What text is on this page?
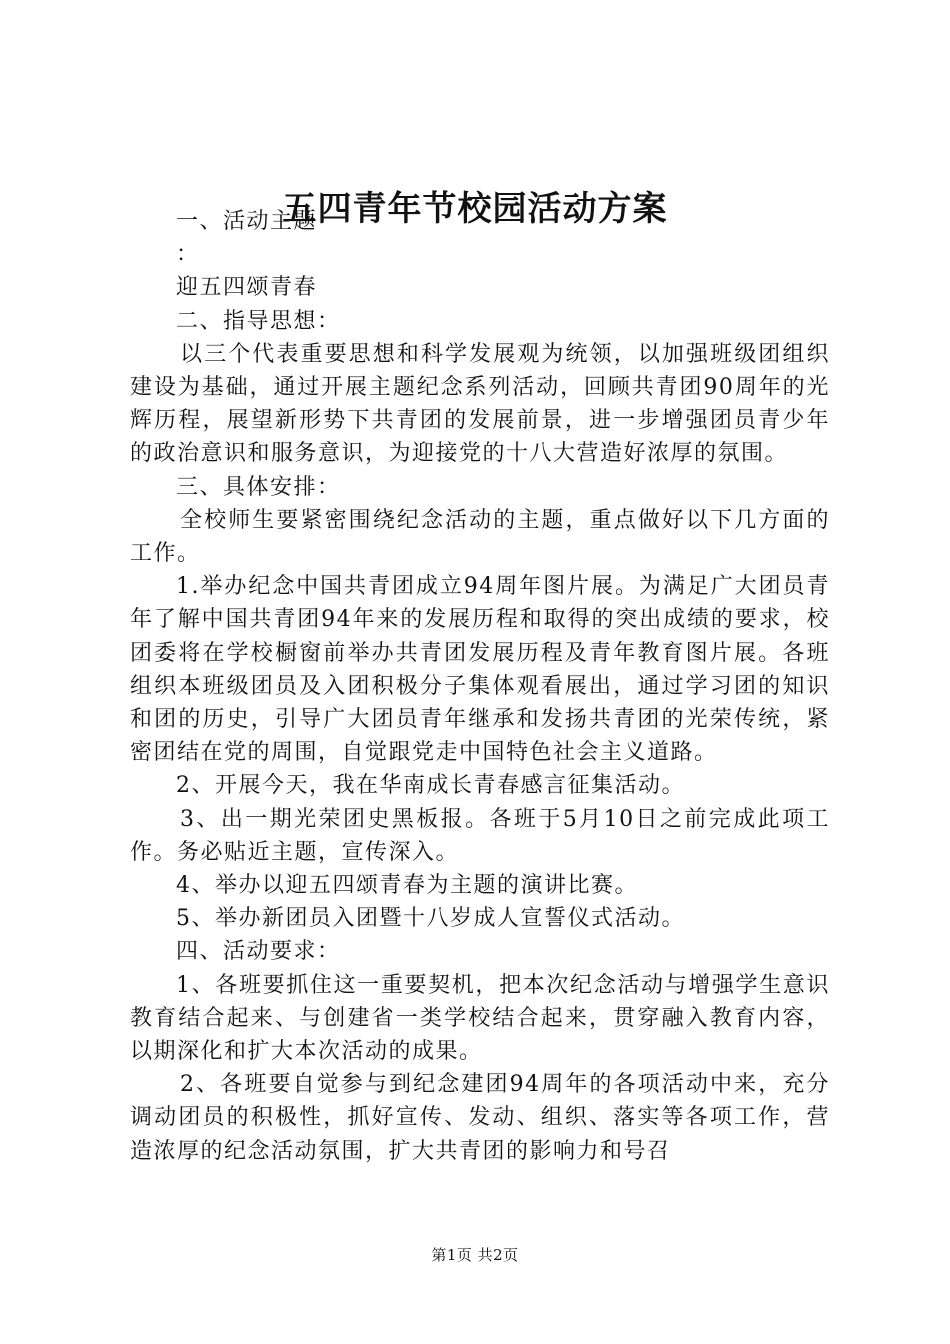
五四青年节校园活动方案

一、活动主题

：

迎五四颂青春

二、指导思想：

以三个代表重要思想和科学发展观为统领，以加强班级团组织建设为基础，通过开展主题纪念系列活动，回顾共青团90周年的光辉历程，展望新形势下共青团的发展前景，进一步增强团员青少年的政治意识和服务意识，为迎接党的十八大营造好浓厚的氛围。

三、具体安排：

全校师生要紧密围绕纪念活动的主题，重点做好以下几方面的工作。

1.举办纪念中国共青团成立94周年图片展。为满足广大团员青年了解中国共青团94年来的发展历程和取得的突出成绩的要求，校团委将在学校橱窗前举办共青团发展历程及青年教育图片展。各班组织本班级团员及入团积极分子集体观看展出，通过学习团的知识和团的历史，引导广大团员青年继承和发扬共青团的光荣传统，紧密团结在党的周围，自觉跟党走中国特色社会主义道路。

2、开展今天，我在华南成长青春感言征集活动。

3、出一期光荣团史黑板报。各班于5月10日之前完成此项工作。务必贴近主题，宣传深入。

4、举办以迎五四颂青春为主题的演讲比赛。

5、举办新团员入团暨十八岁成人宣誓仪式活动。

四、活动要求：

1、各班要抓住这一重要契机，把本次纪念活动与增强学生意识教育结合起来、与创建省一类学校结合起来，贯穿融入教育内容，以期深化和扩大本次活动的成果。

2、各班要自觉参与到纪念建团94周年的各项活动中来，充分调动团员的积极性，抓好宣传、发动、组织、落实等各项工作，营造浓厚的纪念活动氛围，扩大共青团的影响力和号召

第1页 共2页
